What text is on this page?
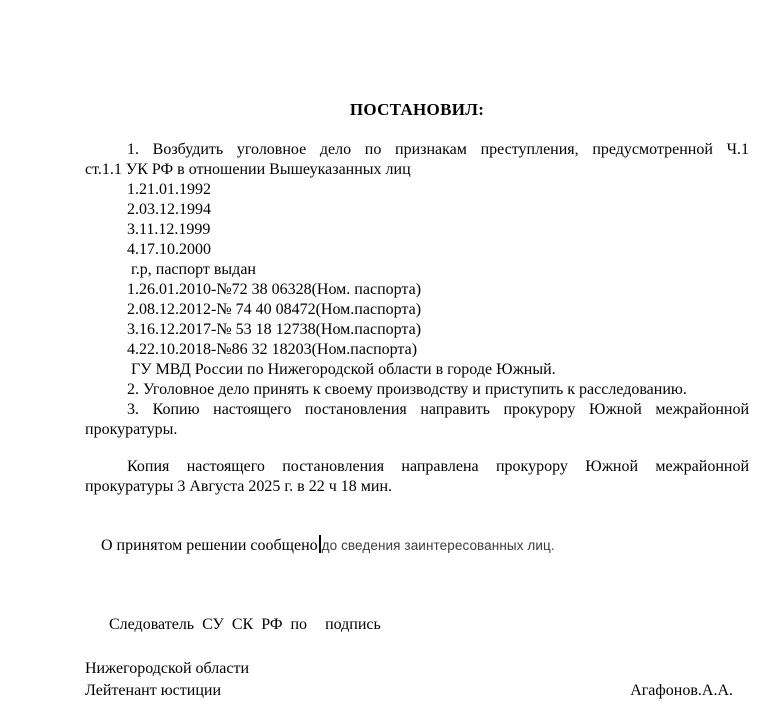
ПОСТАНОВИЛ:
1. Возбудить уголовное дело по признакам преступления, предусмотренной Ч.1
ст.1.1 УК РФ в отношении Вышеуказанных лиц
1.21.01.1992
2.03.12.1994
3.11.12.1999
4.17.10.2000
г.р, паспорт выдан
1.26.01.2010-№72 38 06328(Ном. паспорта)
2.08.12.2012-№ 74 40 08472(Ном.паспорта)
3.16.12.2017-№ 53 18 12738(Ном.паспорта)
4.22.10.2018-№86 32 18203(Ном.паспорта)
ГУ МВД России по Нижегородской области в городе Южный.
2. Уголовное дело принять к своему производству и приступить к расследованию.
3. Копию настоящего постановления направить прокурору Южной межрайонной
прокуратуры.
Копия настоящего постановления направлена прокурору Южной межрайонной
прокуратуры 3 Августа 2025 г. в 22 ч 18 мин.

О принятом решении сообщено до сведения заинтересованных лиц.

Следователь СУ СК РФ по подпись

Нижегородской области
Лейтенант юстиции	Агафонов.А.А.
